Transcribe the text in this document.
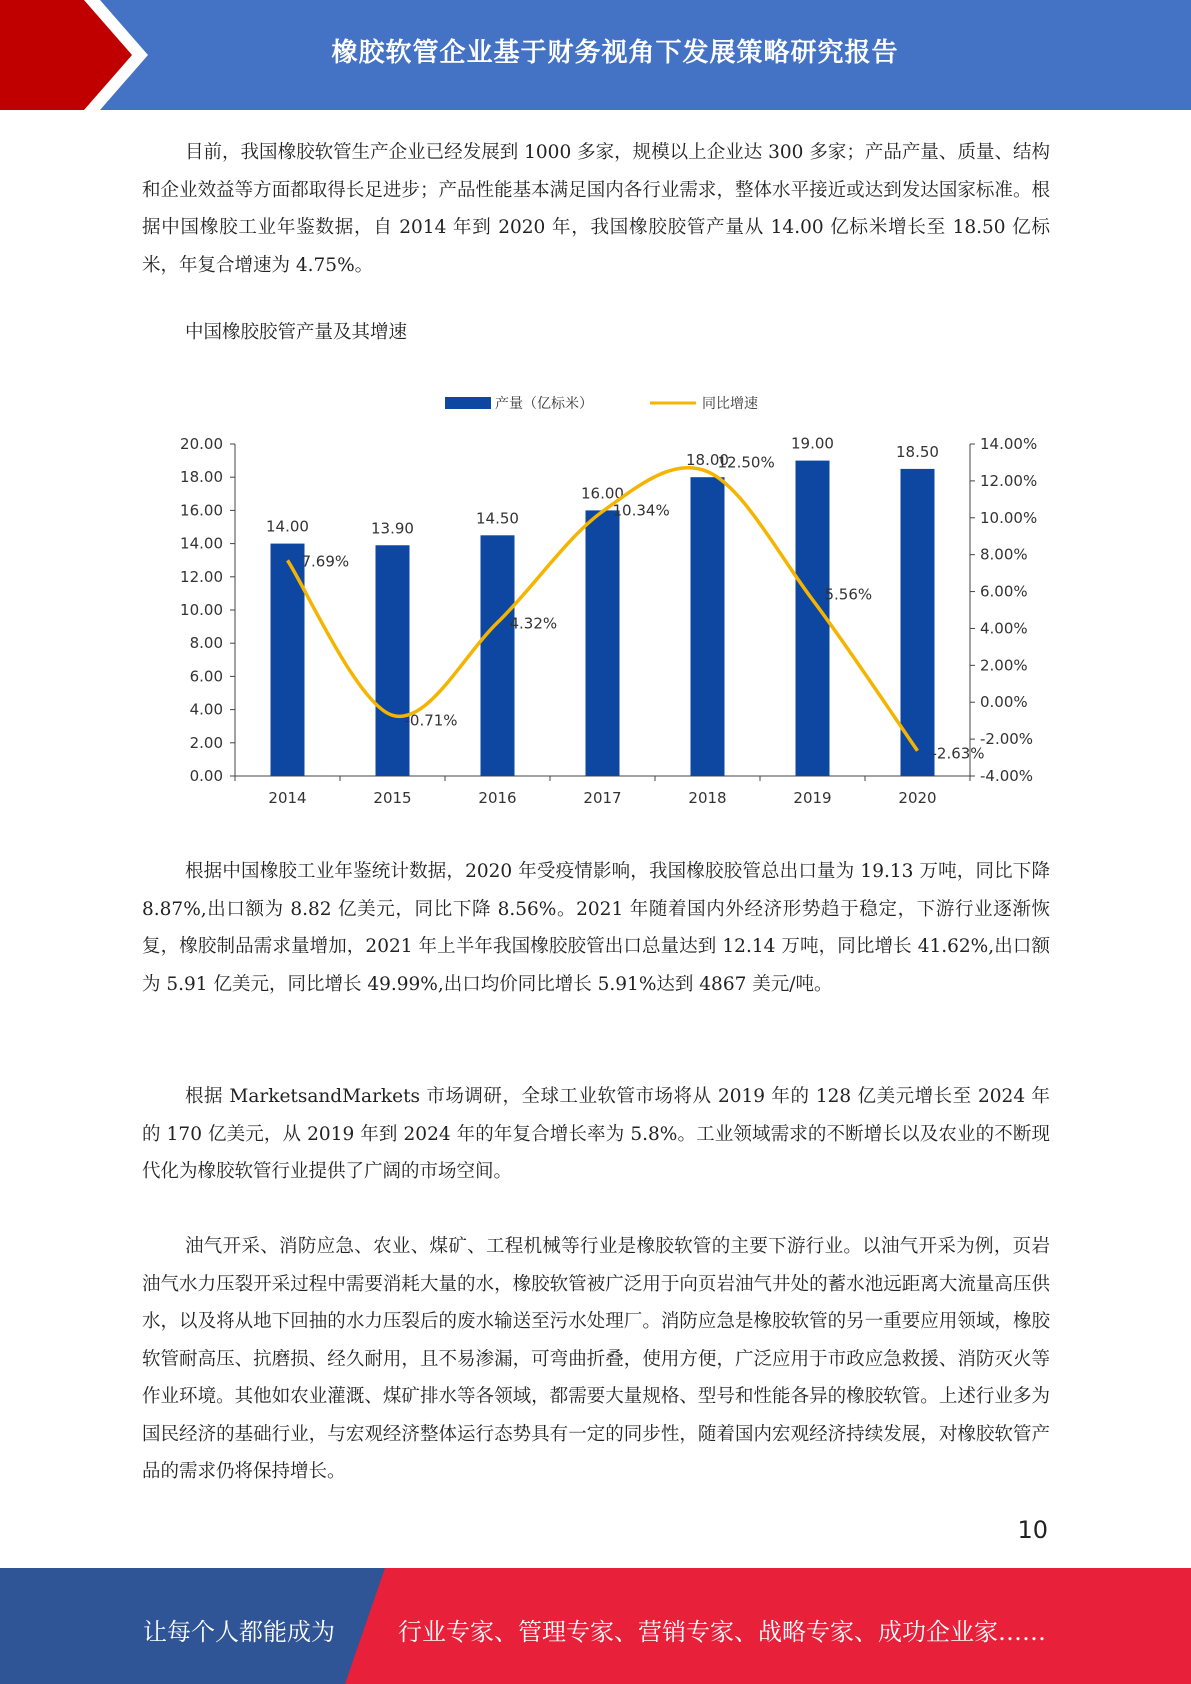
橡胶软管企业基于财务视角下发展策略研究报告
目前，我国橡胶软管生产企业已经发展到 1000 多家，规模以上企业达 300 多家；产品产量、质量、结构和企业效益等方面都取得长足进步；产品性能基本满足国内各行业需求，整体水平接近或达到发达国家标准。根据中国橡胶工业年鉴数据，自 2014 年到 2020 年，我国橡胶胶管产量从 14.00 亿标米增长至 18.50 亿标米，年复合增速为 4.75%。
中国橡胶胶管产量及其增速
产量（亿标米）	同比增速
0.00
2.00
4.00
6.00
8.00
10.00
12.00
14.00
16.00
18.00
20.00
-4.00%
-2.00%
0.00%
2.00%
4.00%
6.00%
8.00%
10.00%
12.00%
14.00%
2014	2015	2016	2017	2018	2019	2020
14.00	13.90
14.50
16.00
18.00
19.00	18.50
7.69%
-0.71%
4.32%
10.34%
12.50%
5.56%
-2.63%
根据中国橡胶工业年鉴统计数据，2020 年受疫情影响，我国橡胶胶管总出口量为 19.13 万吨，同比下降 8.87%,出口额为 8.82 亿美元，同比下降 8.56%。2021 年随着国内外经济形势趋于稳定，下游行业逐渐恢复，橡胶制品需求量增加，2021 年上半年我国橡胶胶管出口总量达到 12.14 万吨，同比增长 41.62%,出口额为 5.91 亿美元，同比增长 49.99%,出口均价同比增长 5.91%达到 4867 美元/吨。
根据 MarketsandMarkets 市场调研，全球工业软管市场将从 2019 年的 128 亿美元增长至 2024 年的 170 亿美元，从 2019 年到 2024 年的年复合增长率为 5.8%。工业领域需求的不断增长以及农业的不断现代化为橡胶软管行业提供了广阔的市场空间。
油气开采、消防应急、农业、煤矿、工程机械等行业是橡胶软管的主要下游行业。以油气开采为例，页岩油气水力压裂开采过程中需要消耗大量的水，橡胶软管被广泛用于向页岩油气井处的蓄水池远距离大流量高压供水，以及将从地下回抽的水力压裂后的废水输送至污水处理厂。消防应急是橡胶软管的另一重要应用领域，橡胶软管耐高压、抗磨损、经久耐用，且不易渗漏，可弯曲折叠，使用方便，广泛应用于市政应急救援、消防灭火等作业环境。其他如农业灌溉、煤矿排水等各领域，都需要大量规格、型号和性能各异的橡胶软管。上述行业多为国民经济的基础行业，与宏观经济整体运行态势具有一定的同步性，随着国内宏观经济持续发展，对橡胶软管产品的需求仍将保持增长。
10
让每个人都能成为	行业专家、管理专家、营销专家、战略专家、成功企业家……
